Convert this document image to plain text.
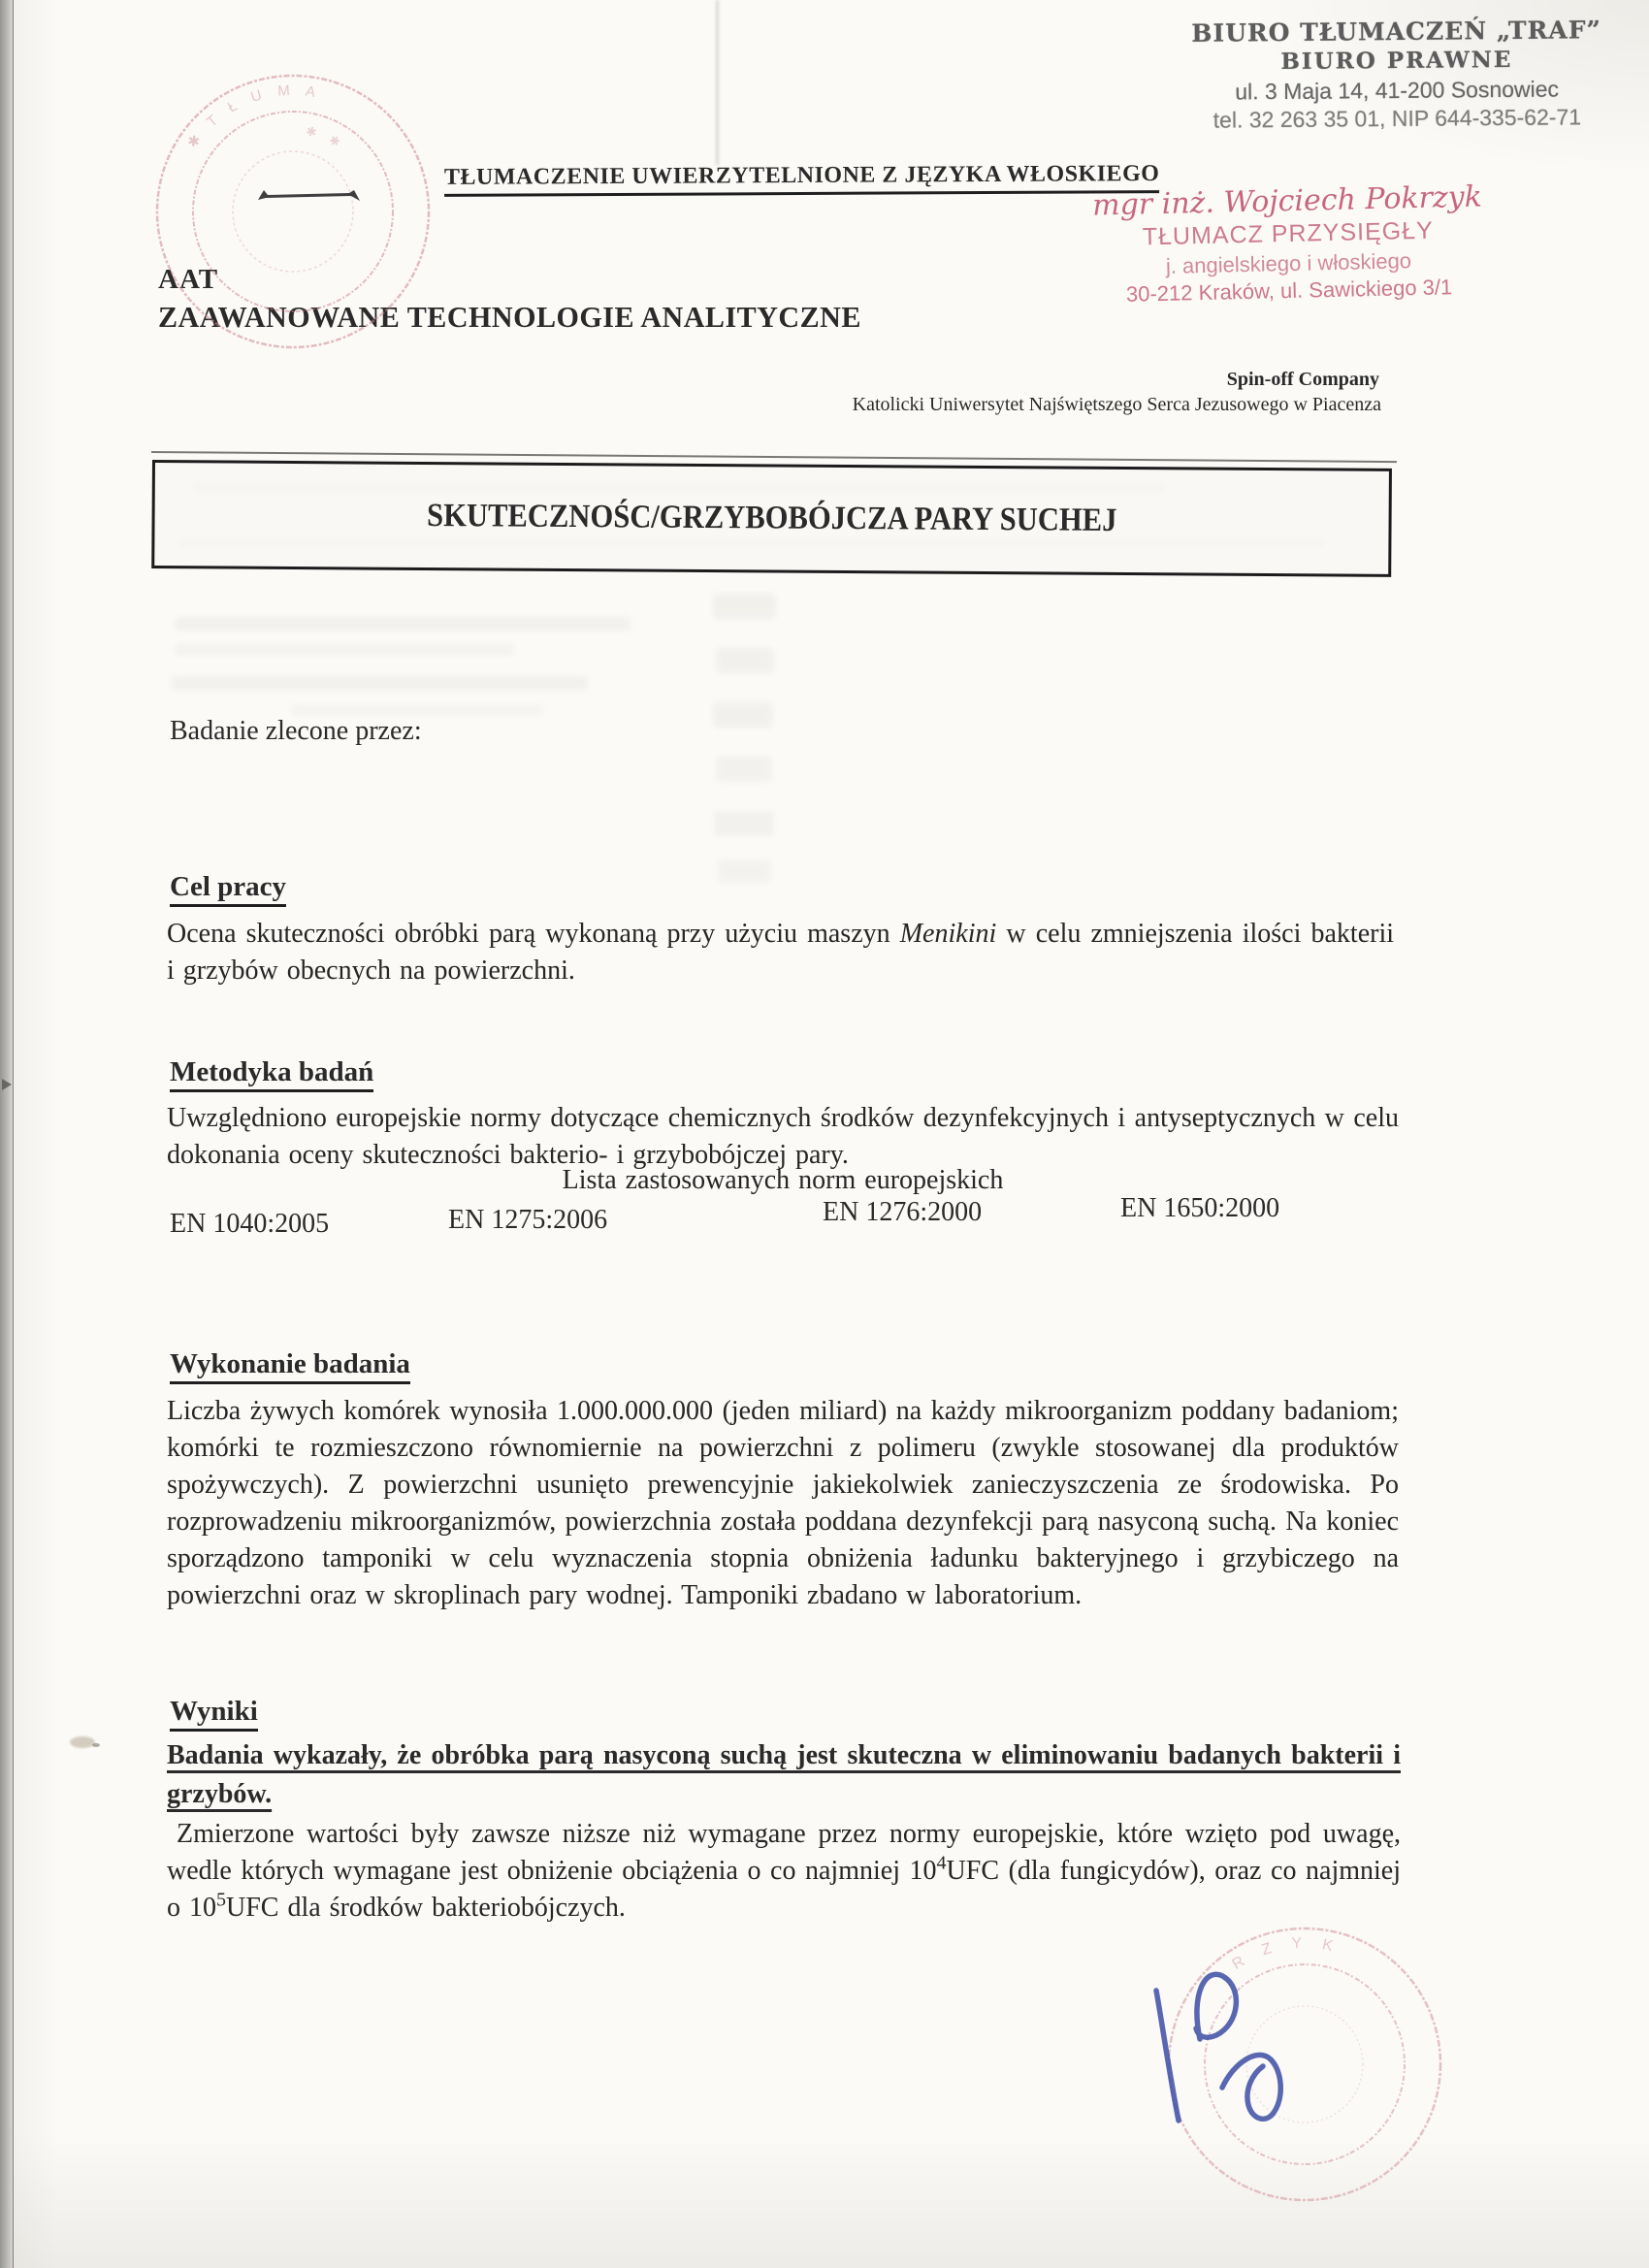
BIURO TŁUMACZEŃ „TRAF”
BIURO PRAWNE
ul. 3 Maja 14, 41-200 Sosnowiec
tel. 32 263 35 01, NIP 644-335-62-71
TŁUMACZENIE UWIERZYTELNIONE Z JĘZYKA WŁOSKIEGO
mgr inż. Wojciech Pokrzyk
TŁUMACZ PRZYSIĘGŁY
j. angielskiego i włoskiego
30-212 Kraków, ul. Sawickiego 3/1
AAT
ZAAWANOWANE TECHNOLOGIE ANALITYCZNE
Spin-off Company
Katolicki Uniwersytet Najświętszego Serca Jezusowego w Piacenza
SKUTECZNOŚC/GRZYBOBÓJCZA PARY SUCHEJ
Badanie zlecone przez:
Cel pracy
Ocena skuteczności obróbki parą wykonaną przy użyciu maszyn Menikini w celu zmniejszenia ilości bakterii i grzybów obecnych na powierzchni.
Metodyka badań
Uwzględniono europejskie normy dotyczące chemicznych środków dezynfekcyjnych i antyseptycznych w celu dokonania oceny skuteczności bakterio- i grzybobójczej pary.
Lista zastosowanych norm europejskich
EN 1040:2005	EN 1275:2006	EN 1276:2000	EN 1650:2000
Wykonanie badania
Liczba żywych komórek wynosiła 1.000.000.000 (jeden miliard) na każdy mikroorganizm poddany badaniom; komórki te rozmieszczono równomiernie na powierzchni z polimeru (zwykle stosowanej dla produktów spożywczych). Z powierzchni usunięto prewencyjnie jakiekolwiek zanieczyszczenia ze środowiska. Po rozprowadzeniu mikroorganizmów, powierzchnia została poddana dezynfekcji parą nasyconą suchą. Na koniec sporządzono tamponiki w celu wyznaczenia stopnia obniżenia ładunku bakteryjnego i grzybiczego na powierzchni oraz w skroplinach pary wodnej. Tamponiki zbadano w laboratorium.
Wyniki
Badania wykazały, że obróbka parą nasyconą suchą jest skuteczna w eliminowaniu badanych bakterii i grzybów.
Zmierzone wartości były zawsze niższe niż wymagane przez normy europejskie, które wzięto pod uwagę, wedle których wymagane jest obniżenie obciążenia o co najmniej $10^4UFC$ (dla fungicydów), oraz co najmniej o $10^5UFC$ dla środków bakteriobójczych.
✱ T Ł U M A
✱ ✱
R Z Y K
